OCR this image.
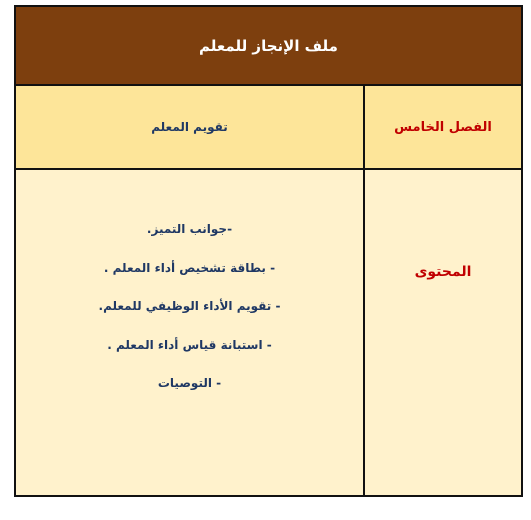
ملف الإنجاز للمعلم
الفصل الخامس
تقويم المعلم
المحتوى
-جوانب التميز.
- بطاقة تشخيص أداء المعلم .
- تقويم الأداء الوظيفي للمعلم.
- استبانة قياس أداء المعلم .
- التوصيات
